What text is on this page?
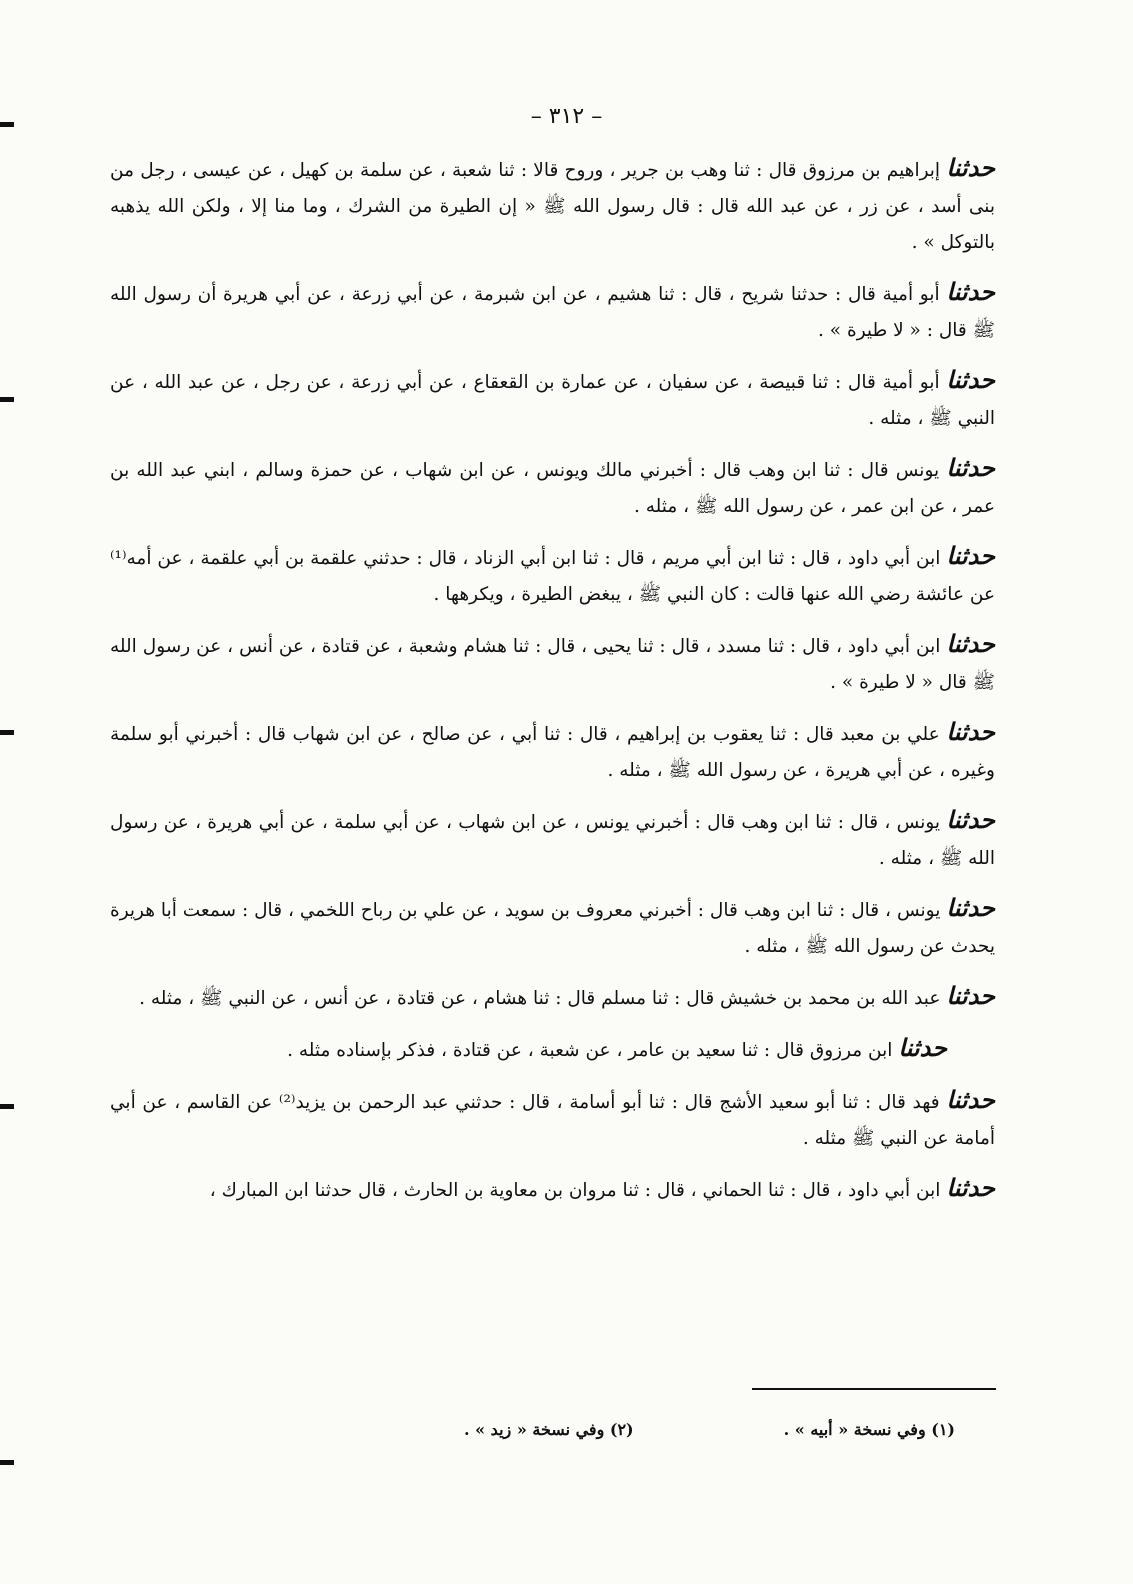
– ٣١٢ –

حدثنا إبراهيم بن مرزوق قال : ثنا وهب بن جرير ، وروح قالا : ثنا شعبة ، عن سلمة بن كهيل ، عن عيسى ، رجل من بنى أسد ، عن زر ، عن عبد الله قال : قال رسول الله ﷺ « إن الطيرة من الشرك ، وما منا إلا ، ولكن الله يذهبه بالتوكل » .

حدثنا أبو أمية قال : حدثنا شريح ، قال : ثنا هشيم ، عن ابن شبرمة ، عن أبي زرعة ، عن أبي هريرة أن رسول الله ﷺ قال : « لا طيرة » .

حدثنا أبو أمية قال : ثنا قبيصة ، عن سفيان ، عن عمارة بن القعقاع ، عن أبي زرعة ، عن رجل ، عن عبد الله ، عن النبي ﷺ ، مثله .

حدثنا يونس قال : ثنا ابن وهب قال : أخبرني مالك ويونس ، عن ابن شهاب ، عن حمزة وسالم ، ابني عبد الله بن عمر ، عن ابن عمر ، عن رسول الله ﷺ ، مثله .

حدثنا ابن أبي داود ، قال : ثنا ابن أبي مريم ، قال : ثنا ابن أبي الزناد ، قال : حدثني علقمة بن أبي علقمة ، عن أمه⁽¹⁾ عن عائشة رضي الله عنها قالت : كان النبي ﷺ ، يبغض الطيرة ، ويكرهها .

حدثنا ابن أبي داود ، قال : ثنا مسدد ، قال : ثنا يحيى ، قال : ثنا هشام وشعبة ، عن قتادة ، عن أنس ، عن رسول الله ﷺ قال « لا طيرة » .

حدثنا علي بن معبد قال : ثنا يعقوب بن إبراهيم ، قال : ثنا أبي ، عن صالح ، عن ابن شهاب قال : أخبرني أبو سلمة وغيره ، عن أبي هريرة ، عن رسول الله ﷺ ، مثله .

حدثنا يونس ، قال : ثنا ابن وهب قال : أخبرني يونس ، عن ابن شهاب ، عن أبي سلمة ، عن أبي هريرة ، عن رسول الله ﷺ ، مثله .

حدثنا يونس ، قال : ثنا ابن وهب قال : أخبرني معروف بن سويد ، عن علي بن رباح اللخمي ، قال : سمعت أبا هريرة يحدث عن رسول الله ﷺ ، مثله .

حدثنا عبد الله بن محمد بن خشيش قال : ثنا مسلم قال : ثنا هشام ، عن قتادة ، عن أنس ، عن النبي ﷺ ، مثله .

حدثنا ابن مرزوق قال : ثنا سعيد بن عامر ، عن شعبة ، عن قتادة ، فذكر بإسناده مثله .

حدثنا فهد قال : ثنا أبو سعيد الأشج قال : ثنا أبو أسامة ، قال : حدثني عبد الرحمن بن يزيد⁽²⁾ عن القاسم ، عن أبي أمامة عن النبي ﷺ مثله .

حدثنا ابن أبي داود ، قال : ثنا الحماني ، قال : ثنا مروان بن معاوية بن الحارث ، قال حدثنا ابن المبارك ،

(١) وفي نسخة « أبيه » .
(٢) وفي نسخة « زيد » .
